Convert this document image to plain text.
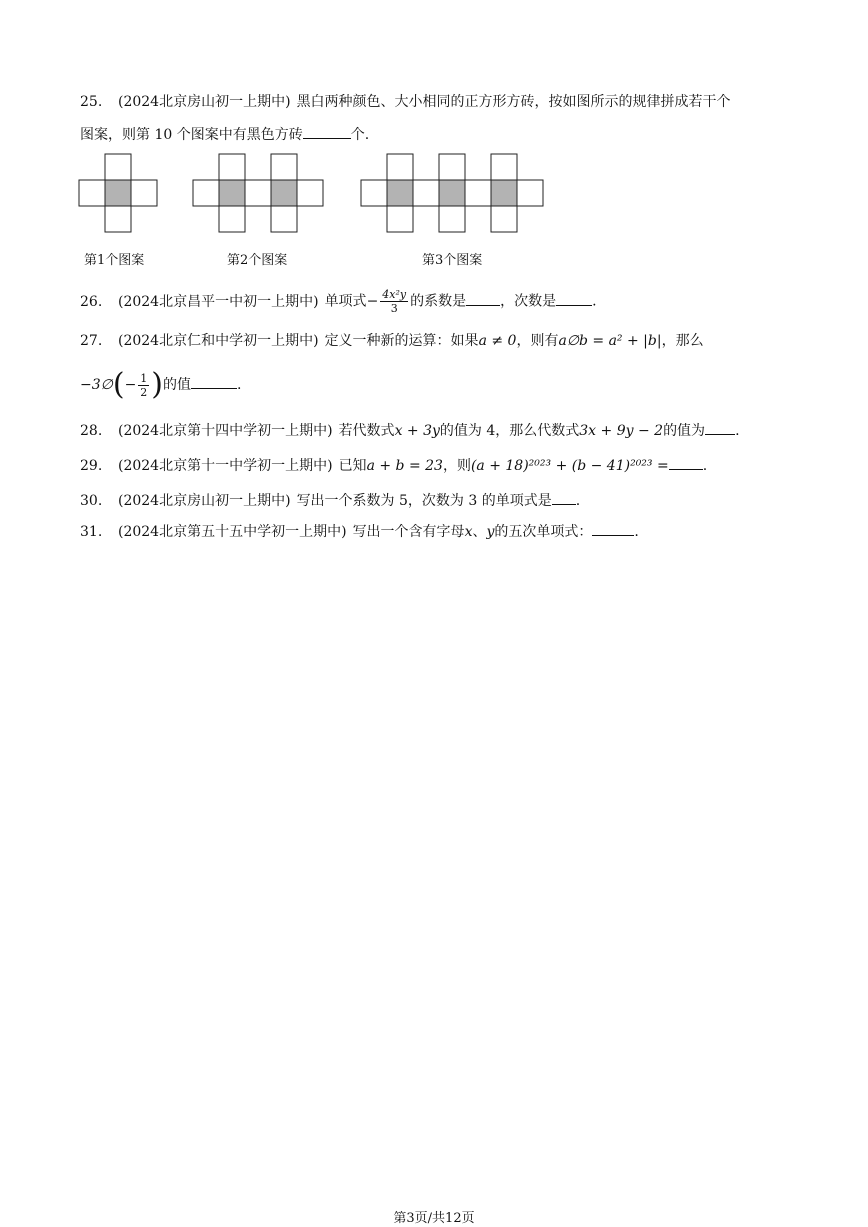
25. (2024北京房山初一上期中) 黑白两种颜色、大小相同的正方形方砖，按如图所示的规律拼成若干个
图案，则第 10 个图案中有黑色方砖	个.
第1个图案	第2个图案	第3个图案
26. (2024北京昌平一中初一上期中) 单项式− $\frac{\text{4x²y}}{3}$ 的系数是 ，次数是	.
27. (2024北京仁和中学初一上期中) 定义一种新的运算：如果a ≠ 0，则有a∅b = a² + |b|，那么
−3∅(− $\frac{1}{2}$ )的值	.
28. (2024北京第十四中学初一上期中) 若代数式x + 3y的值为 4，那么代数式3x + 9y − 2的值为 .
29. (2024北京第十一中学初一上期中) 已知a + b = 23，则(a + 18)²⁰²³ + (b − 41)²⁰²³ = .
30. (2024北京房山初一上期中) 写出一个系数为 5，次数为 3 的单项式是 .
31. (2024北京第五十五中学初一上期中) 写出一个含有字母x、y的五次单项式：	.
第3页/共12页
